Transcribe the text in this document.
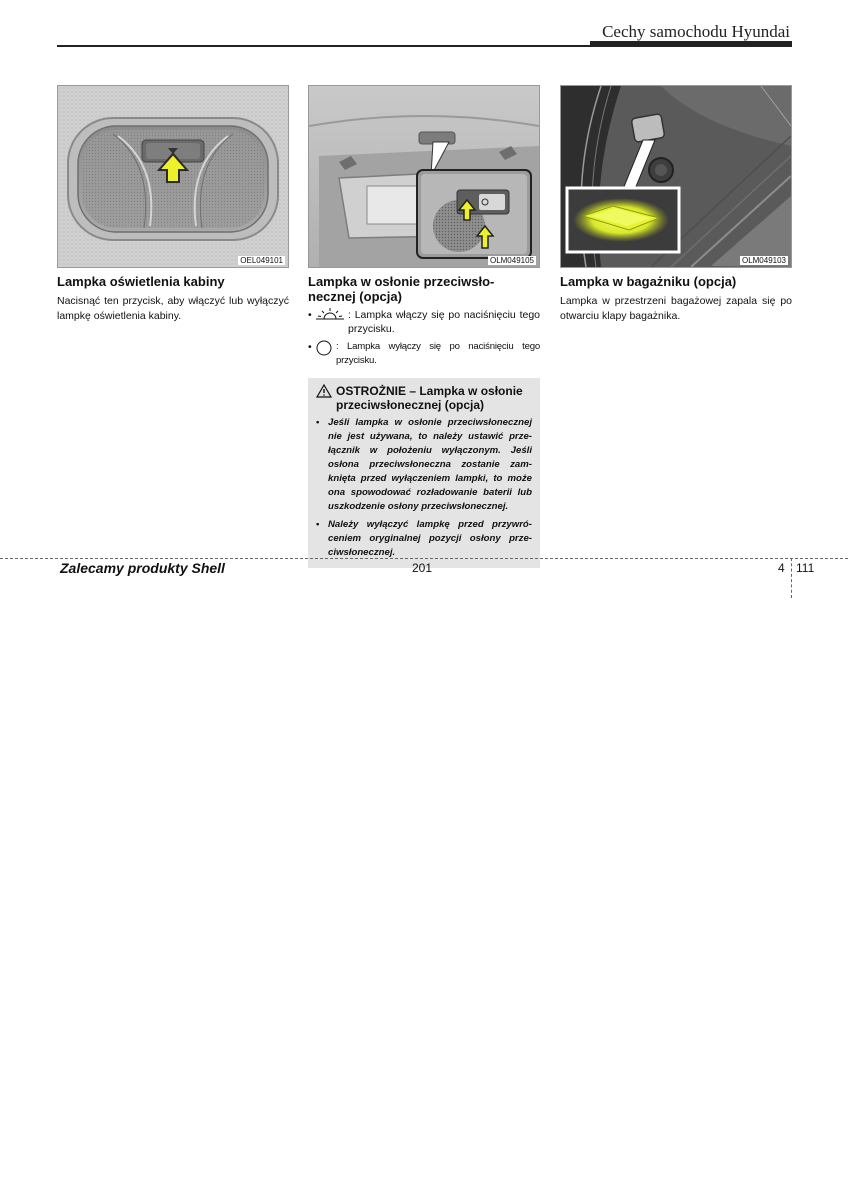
Cechy samochodu Hyundai
OEL049101
Lampka oświetlenia kabiny
Nacisnąć ten przycisk, aby włączyć lub wyłączyć lampkę oświetlenia kabiny.
OLM049105
Lampka w osłonie przeciwsło-necznej (opcja)
•	: Lampka włączy się po naciśnięciu tego przycisku.
•	: Lampka wyłączy się po naciśnięciu tego przycisku.
OSTROŻNIE – Lampka w osłonie przeciwsłonecznej (opcja)
• Jeśli lampka w osłonie przeciwsłonecznej nie jest używana, to należy ustawić prze-łącznik w położeniu wyłączonym. Jeśli osłona przeciwsłoneczna zostanie zam-knięta przed wyłączeniem lampki, to może ona spowodować rozładowanie baterii lub uszkodzenie osłony przeciwsłonecznej.
• Należy wyłączyć lampkę przed przywró-ceniem oryginalnej pozycji osłony prze-ciwsłonecznej.
OLM049103
Lampka w bagażniku (opcja)
Lampka w przestrzeni bagażowej zapala się po otwarciu klapy bagażnika.
Zalecamy produkty Shell	201	4 111
